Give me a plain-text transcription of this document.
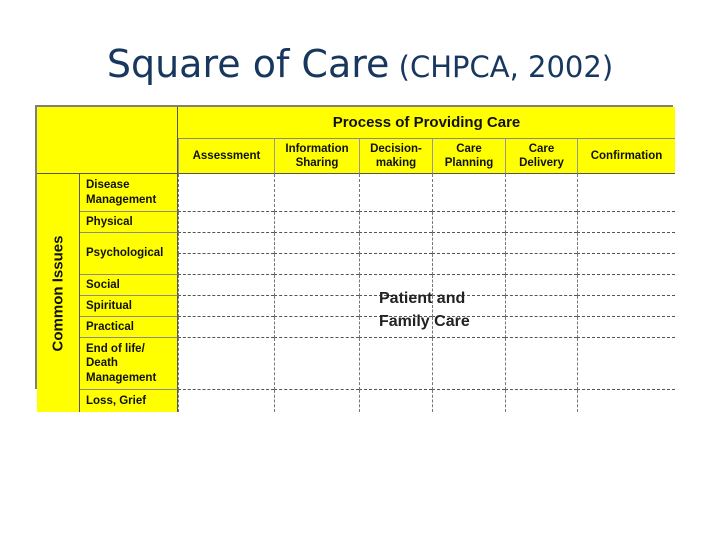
Square of Care (CHPCA, 2002)
Process of Providing Care
Assessment
Information
Sharing
Decision-
making
Care
Planning
Care
Delivery
Confirmation
Common Issues
Disease
Management
Physical
Psychological
Social
Spiritual
Practical
End of life/
Death
Management
Loss, Grief
Patient and
Family Care
